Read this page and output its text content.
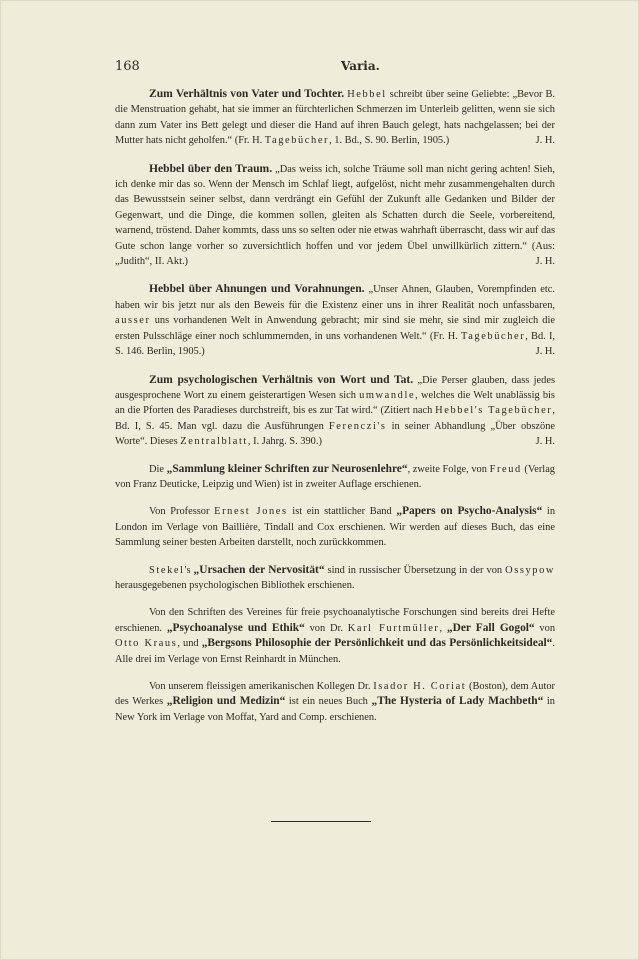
168	Varia.

Zum Verhältnis von Vater und Tochter. Hebbel schreibt über seine Geliebte: „Bevor B. die Menstruation gehabt, hat sie immer an fürchterlichen Schmerzen im Unterleib gelitten, wenn sie sich dann zum Vater ins Bett gelegt und dieser die Hand auf ihren Bauch gelegt, hats nachgelassen; bei der Mutter hats nicht geholfen.“ (Fr. H. Tagebücher, 1. Bd., S. 90. Berlin, 1905.)	J. H.

Hebbel über den Traum. „Das weiss ich, solche Träume soll man nicht gering achten! Sieh, ich denke mir das so. Wenn der Mensch im Schlaf liegt, aufgelöst, nicht mehr zusammengehalten durch das Bewusstsein seiner selbst, dann verdrängt ein Gefühl der Zukunft alle Gedanken und Bilder der Gegenwart, und die Dinge, die kommen sollen, gleiten als Schatten durch die Seele, vorbereitend, warnend, tröstend. Daher kommts, dass uns so selten oder nie etwas wahrhaft überrascht, dass wir auf das Gute schon lange vorher so zuversichtlich hoffen und vor jedem Übel unwillkürlich zittern.“ (Aus: „Judith“, II. Akt.)	J. H.

Hebbel über Ahnungen und Vorahnungen. „Unser Ahnen, Glauben, Vorempfinden etc. haben wir bis jetzt nur als den Beweis für die Existenz einer uns in ihrer Realität noch unfassbaren, ausser uns vorhandenen Welt in Anwendung gebracht; mir sind sie mehr, sie sind mir zugleich die ersten Pulsschläge einer noch schlummernden, in uns vorhandenen Welt.“ (Fr. H. Tagebücher, Bd. I, S. 146. Berlin, 1905.)	J. H.

Zum psychologischen Verhältnis von Wort und Tat. „Die Perser glauben, dass jedes ausgesprochene Wort zu einem geisterartigen Wesen sich umwandle, welches die Welt unablässig bis an die Pforten des Paradieses durchstreift, bis es zur Tat wird.“ (Zitiert nach Hebbel's Tagebücher, Bd. I, S. 45. Man vgl. dazu die Ausführungen Ferenczi's in seiner Abhandlung „Über obszöne Worte“. Dieses Zentralblatt, I. Jahrg. S. 390.)	J. H.

Die „Sammlung kleiner Schriften zur Neurosenlehre“, zweite Folge, von Freud (Verlag von Franz Deuticke, Leipzig und Wien) ist in zweiter Auflage erschienen.

Von Professor Ernest Jones ist ein stattlicher Band „Papers on Psycho-Analysis“ in London im Verlage von Baillière, Tindall and Cox erschienen. Wir werden auf dieses Buch, das eine Sammlung seiner besten Arbeiten darstellt, noch zurückkommen.

Stekel's „Ursachen der Nervosität“ sind in russischer Übersetzung in der von Ossypow herausgegebenen psychologischen Bibliothek erschienen.

Von den Schriften des Vereines für freie psychoanalytische Forschungen sind bereits drei Hefte erschienen. „Psychoanalyse und Ethik“ von Dr. Karl Furtmüller, „Der Fall Gogol“ von Otto Kraus, und „Bergsons Philosophie der Persönlichkeit und das Persönlichkeitsideal“. Alle drei im Verlage von Ernst Reinhardt in München.

Von unserem fleissigen amerikanischen Kollegen Dr. Isador H. Coriat (Boston), dem Autor des Werkes „Religion und Medizin“ ist ein neues Buch „The Hysteria of Lady Machbeth“ in New York im Verlage von Moffat, Yard and Comp. erschienen.
